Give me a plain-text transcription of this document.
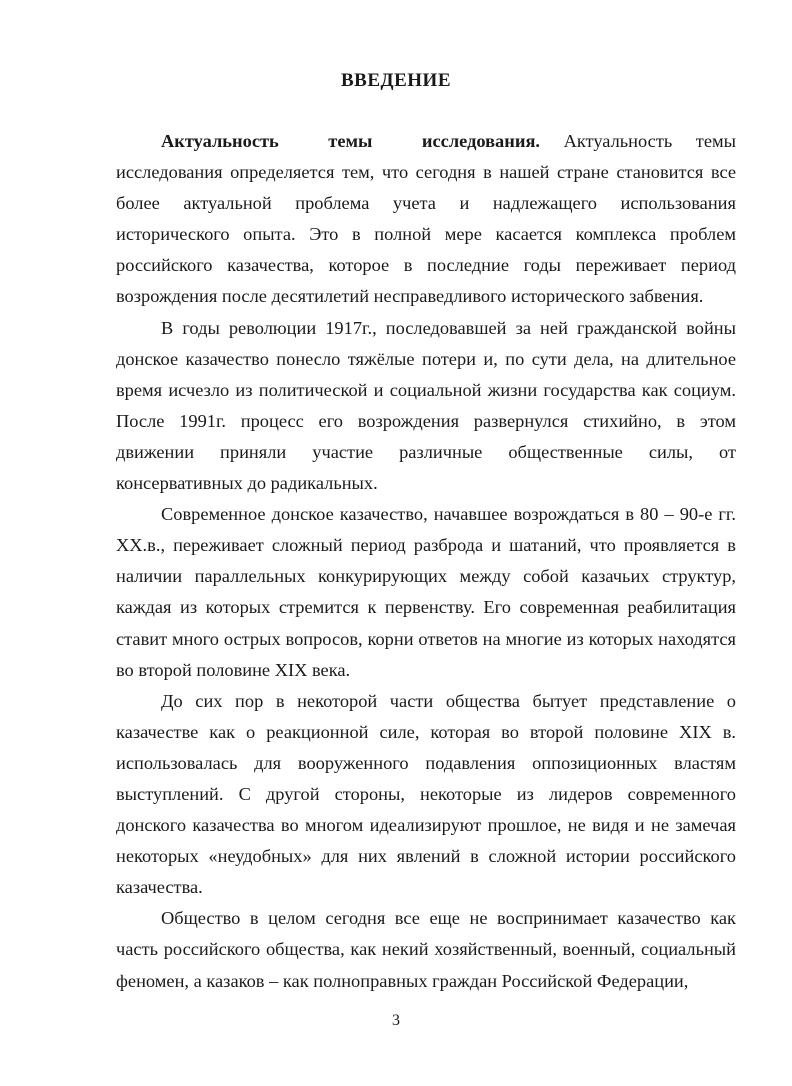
ВВЕДЕНИЕ

Актуальность темы исследования. Актуальность темы исследования определяется тем, что сегодня в нашей стране становится все более актуальной проблема учета и надлежащего использования исторического опыта. Это в полной мере касается комплекса проблем российского казачества, которое в последние годы переживает период возрождения после десятилетий несправедливого исторического забвения.

В годы революции 1917г., последовавшей за ней гражданской войны донское казачество понесло тяжёлые потери и, по сути дела, на длительное время исчезло из политической и социальной жизни государства как социум. После 1991г. процесс его возрождения развернулся стихийно, в этом движении приняли участие различные общественные силы, от консервативных до радикальных.

Современное донское казачество, начавшее возрождаться в 80 – 90-е гг. XX.в., переживает сложный период разброда и шатаний, что проявляется в наличии параллельных конкурирующих между собой казачьих структур, каждая из которых стремится к первенству. Его современная реабилитация ставит много острых вопросов, корни ответов на многие из которых находятся во второй половине XIX века.

До сих пор в некоторой части общества бытует представление о казачестве как о реакционной силе, которая во второй половине XIX в. использовалась для вооруженного подавления оппозиционных властям выступлений. С другой стороны, некоторые из лидеров современного донского казачества во многом идеализируют прошлое, не видя и не замечая некоторых «неудобных» для них явлений в сложной истории российского казачества.

Общество в целом сегодня все еще не воспринимает казачество как часть российского общества, как некий хозяйственный, военный, социальный феномен, а казаков – как полноправных граждан Российской Федерации,

3
